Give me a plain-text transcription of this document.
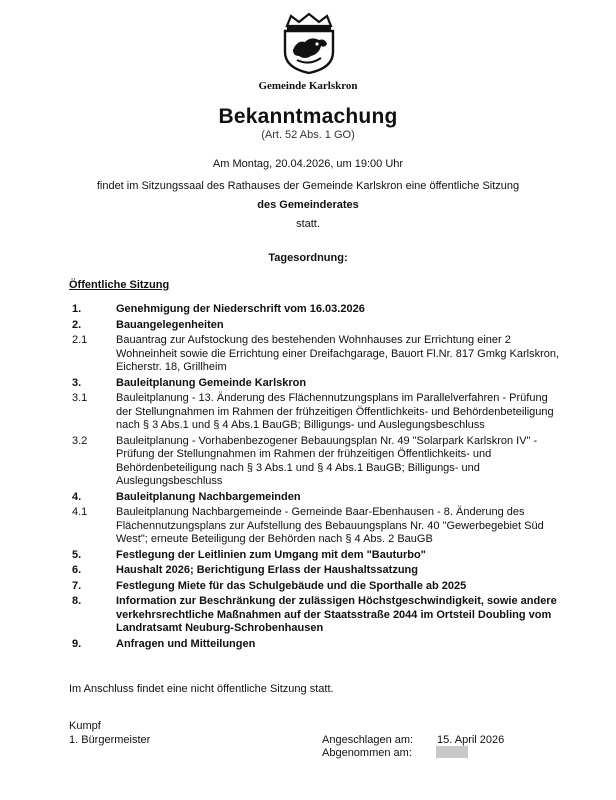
Gemeinde Karlskron
Bekanntmachung
(Art. 52 Abs. 1 GO)
Am Montag, 20.04.2026, um 19:00 Uhr
findet im Sitzungssaal des Rathauses der Gemeinde Karlskron eine öffentliche Sitzung
des Gemeinderates
statt.
Tagesordnung:
Öffentliche Sitzung
1.	Genehmigung der Niederschrift vom 16.03.2026
2.	Bauangelegenheiten
2.1	Bauantrag zur Aufstockung des bestehenden Wohnhauses zur Errichtung einer 2 Wohneinheit sowie die Errichtung einer Dreifachgarage, Bauort Fl.Nr. 817 Gmkg Karlskron, Eicherstr. 18, Grillheim
3.	Bauleitplanung Gemeinde Karlskron
3.1	Bauleitplanung - 13. Änderung des Flächennutzungsplans im Parallelverfahren - Prüfung der Stellungnahmen im Rahmen der frühzeitigen Öffentlichkeits- und Behördenbeteiligung nach § 3 Abs.1 und § 4 Abs.1 BauGB; Billigungs- und Auslegungsbeschluss
3.2	Bauleitplanung - Vorhabenbezogener Bebauungsplan Nr. 49 "Solarpark Karlskron IV" - Prüfung der Stellungnahmen im Rahmen der frühzeitigen Öffentlichkeits- und Behördenbeteiligung nach § 3 Abs.1 und § 4 Abs.1 BauGB; Billigungs- und Auslegungsbeschluss
4.	Bauleitplanung Nachbargemeinden
4.1	Bauleitplanung Nachbargemeinde - Gemeinde Baar-Ebenhausen - 8. Änderung des Flächennutzungsplans zur Aufstellung des Bebauungsplans Nr. 40 "Gewerbegebiet Süd West"; erneute Beteiligung der Behörden nach § 4 Abs. 2 BauGB
5.	Festlegung der Leitlinien zum Umgang mit dem "Bauturbo"
6.	Haushalt 2026; Berichtigung Erlass der Haushaltssatzung
7.	Festlegung Miete für das Schulgebäude und die Sporthalle ab 2025
8.	Information zur Beschränkung der zulässigen Höchstgeschwindigkeit, sowie andere verkehrsrechtliche Maßnahmen auf der Staatsstraße 2044 im Ortsteil Doubling vom Landratsamt Neuburg-Schrobenhausen
9.	Anfragen und Mitteilungen
Im Anschluss findet eine nicht öffentliche Sitzung statt.
Kumpf
1. Bürgermeister	Angeschlagen am: 15. April 2026
Abgenommen am:
